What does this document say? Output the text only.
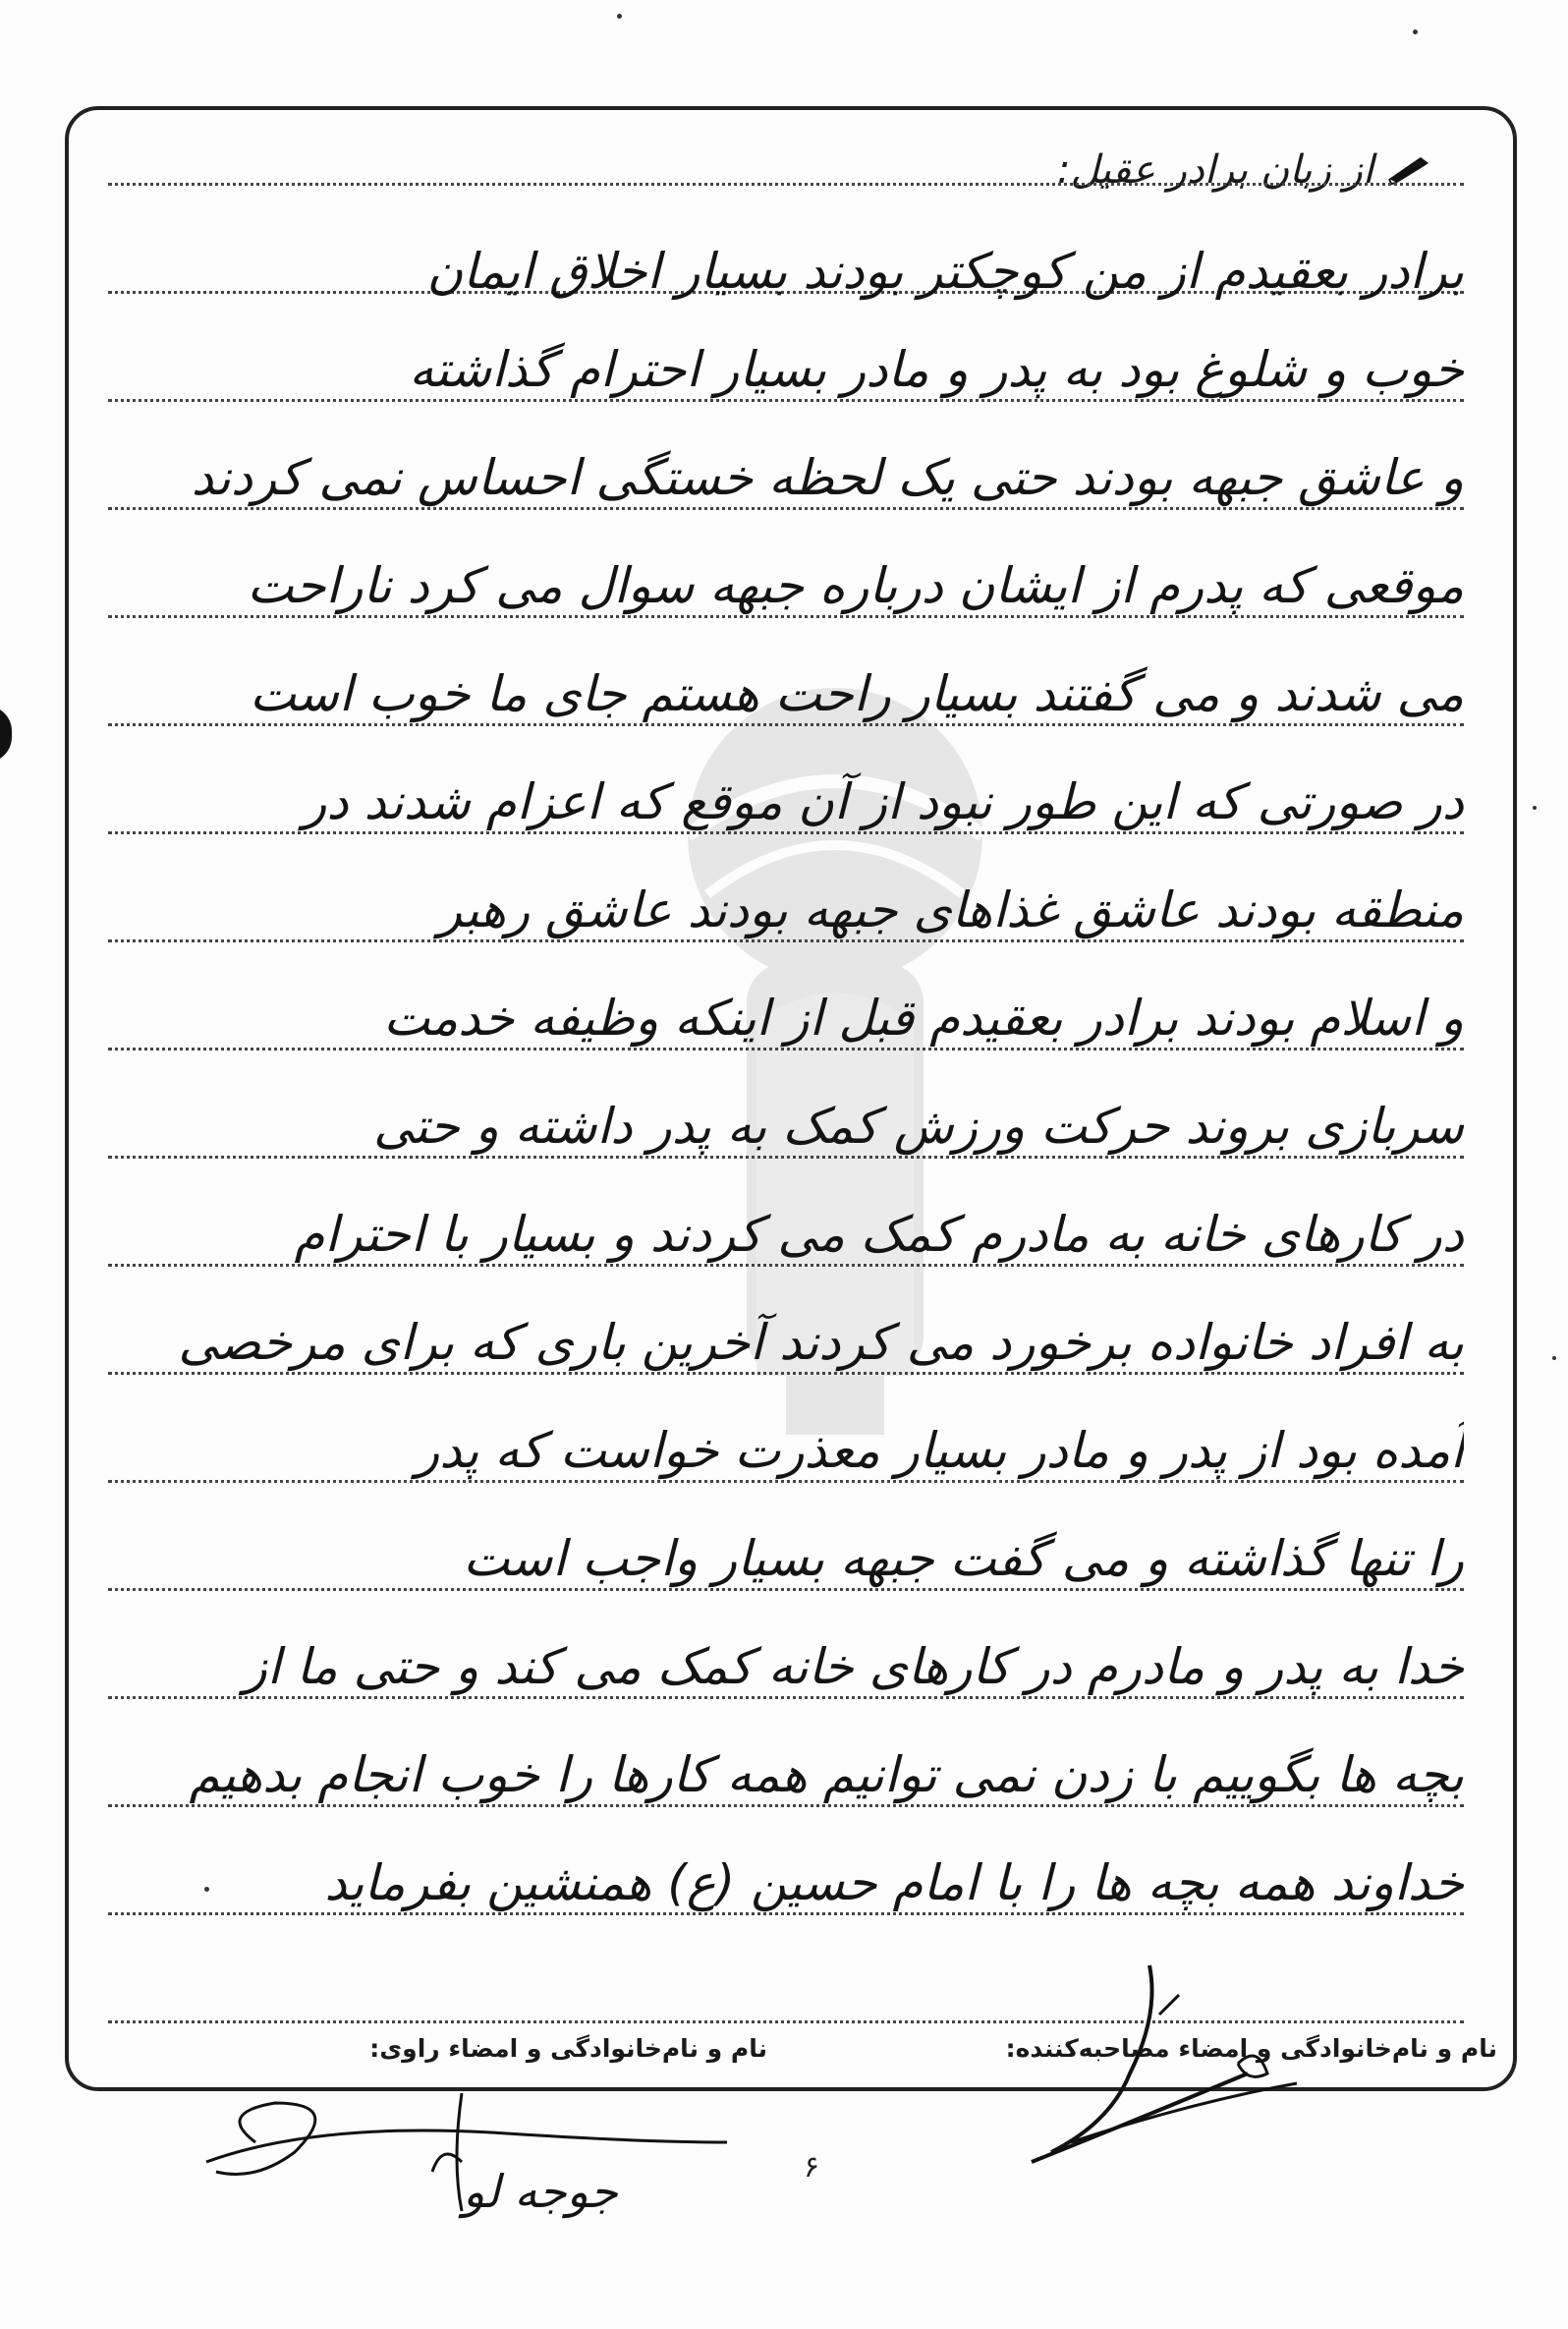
از زبان برادر عقیل:
برادر بعقیدم از من کوچکتر بودند بسیار اخلاق ایمان
خوب و شلوغ بود به پدر و مادر بسیار احترام گذاشته
و عاشق جبهه بودند حتی یک لحظه خستگی احساس نمی کردند
موقعی که پدرم از ایشان درباره جبهه سوال می کرد ناراحت
می شدند و می گفتند بسیار راحت هستم جای ما خوب است
در صورتی که این طور نبود از آن موقع که اعزام شدند در
منطقه بودند عاشق غذاهای جبهه بودند عاشق رهبر
و اسلام بودند برادر بعقیدم قبل از اینکه وظیفه خدمت
سربازی بروند حرکت ورزش کمک به پدر داشته و حتی
در کارهای خانه به مادرم کمک می کردند و بسیار با احترام
به افراد خانواده برخورد می کردند آخرین باری که برای مرخصی
آمده بود از پدر و مادر بسیار معذرت خواست که پدر
را تنها گذاشته و می گفت جبهه بسیار واجب است
خدا به پدر و مادرم در کارهای خانه کمک می کند و حتی ما از
بچه ها بگوییم با زدن نمی توانیم همه کارها را خوب انجام بدهیم
خداوند همه بچه ها را با امام حسین (ع) همنشین بفرماید
نام و نام‌خانوادگی و امضاء مصاحبه‌کننده:
نام و نام‌خانوادگی و امضاء راوی:
جوجه لو	۶
